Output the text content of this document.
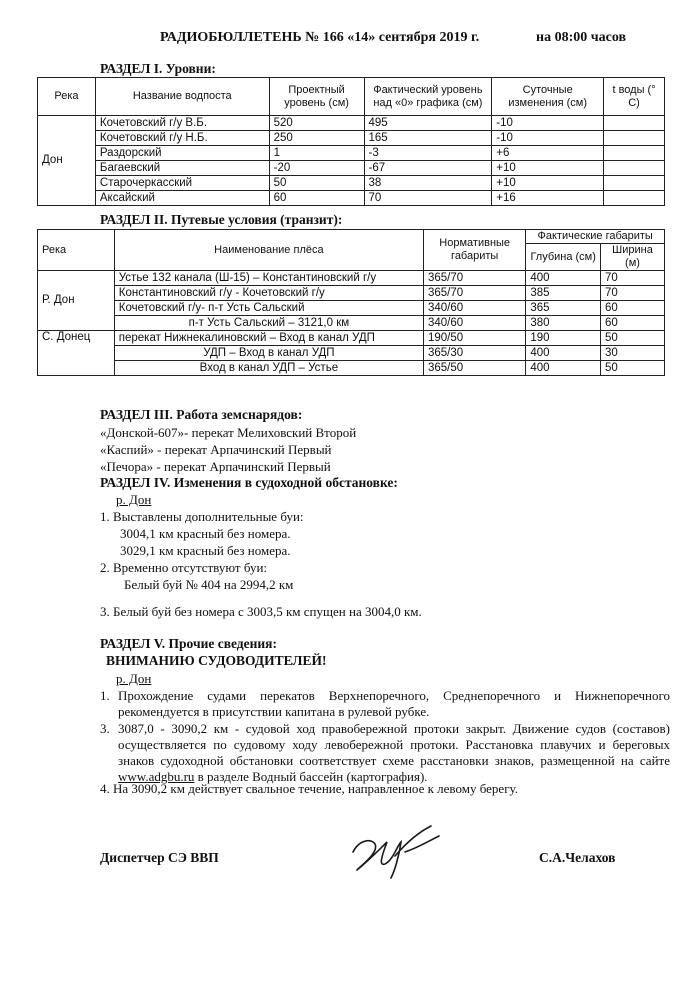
РАДИОБЮЛЛЕТЕНЬ № 166 «14» сентября 2019 г.	на 08:00 часов
РАЗДЕЛ I. Уровни:
Река	Название водпоста	Проектный уровень (см)	Фактический уровень над «0» графика (см)	Суточные изменения (см)	t воды (° C)
Дон	Кочетовский г/у В.Б.	520	495	-10	
	Кочетовский г/у Н.Б.	250	165	-10	
	Раздорский	1	-3	+6	
	Багаевский	-20	-67	+10	
	Старочеркасский	50	38	+10	
	Аксайский	60	70	+16	
РАЗДЕЛ II. Путевые условия (транзит):
Река	Наименование плёса	Нормативные габариты	Фактические габариты	
			Глубина (см)	Ширина (м)
Р. Дон	Устье 132 канала (Ш-15) – Константиновский г/у	365/70	400	70
	Константиновский г/у - Кочетовский г/у	365/70	385	70
	Кочетовский г/у- п-т Усть Сальский	340/60	365	60
	п-т Усть Сальский – 3121,0 км	340/60	380	60
С. Донец	перекат Нижнекалиновский – Вход в канал УДП	190/50	190	50
	УДП – Вход в канал УДП	365/30	400	30
	Вход в канал УДП – Устье	365/50	400	50
РАЗДЕЛ III. Работа земснарядов:
«Донской-607»- перекат Мелиховский Второй
«Каспий» - перекат Арпачинский Первый
«Печора» - перекат Арпачинский Первый
РАЗДЕЛ IV. Изменения в судоходной обстановке:
р. Дон
1. Выставлены дополнительные буи:
3004,1 км красный без номера.
3029,1 км красный без номера.
2. Временно отсутствуют буи:
Белый буй № 404 на 2994,2 км
3. Белый буй без номера с 3003,5 км спущен на 3004,0 км.
РАЗДЕЛ V. Прочие сведения:
ВНИМАНИЮ СУДОВОДИТЕЛЕЙ!
р. Дон
1. Прохождение судами перекатов Верхнепоречного, Среднепоречного и Нижнепоречного рекомендуется в присутствии капитана в рулевой рубке.
3. 3087,0 - 3090,2 км - судовой ход правобережной протоки закрыт. Движение судов (составов) осуществляется по судовому ходу левобережной протоки. Расстановка плавучих и береговых знаков судоходной обстановки соответствует схеме расстановки знаков, размещенной на сайте www.adgbu.ru в разделе Водный бассейн (картография).
4. На 3090,2 км действует свальное течение, направленное к левому берегу.
Диспетчер СЭ ВВП	С.А.Челахов
